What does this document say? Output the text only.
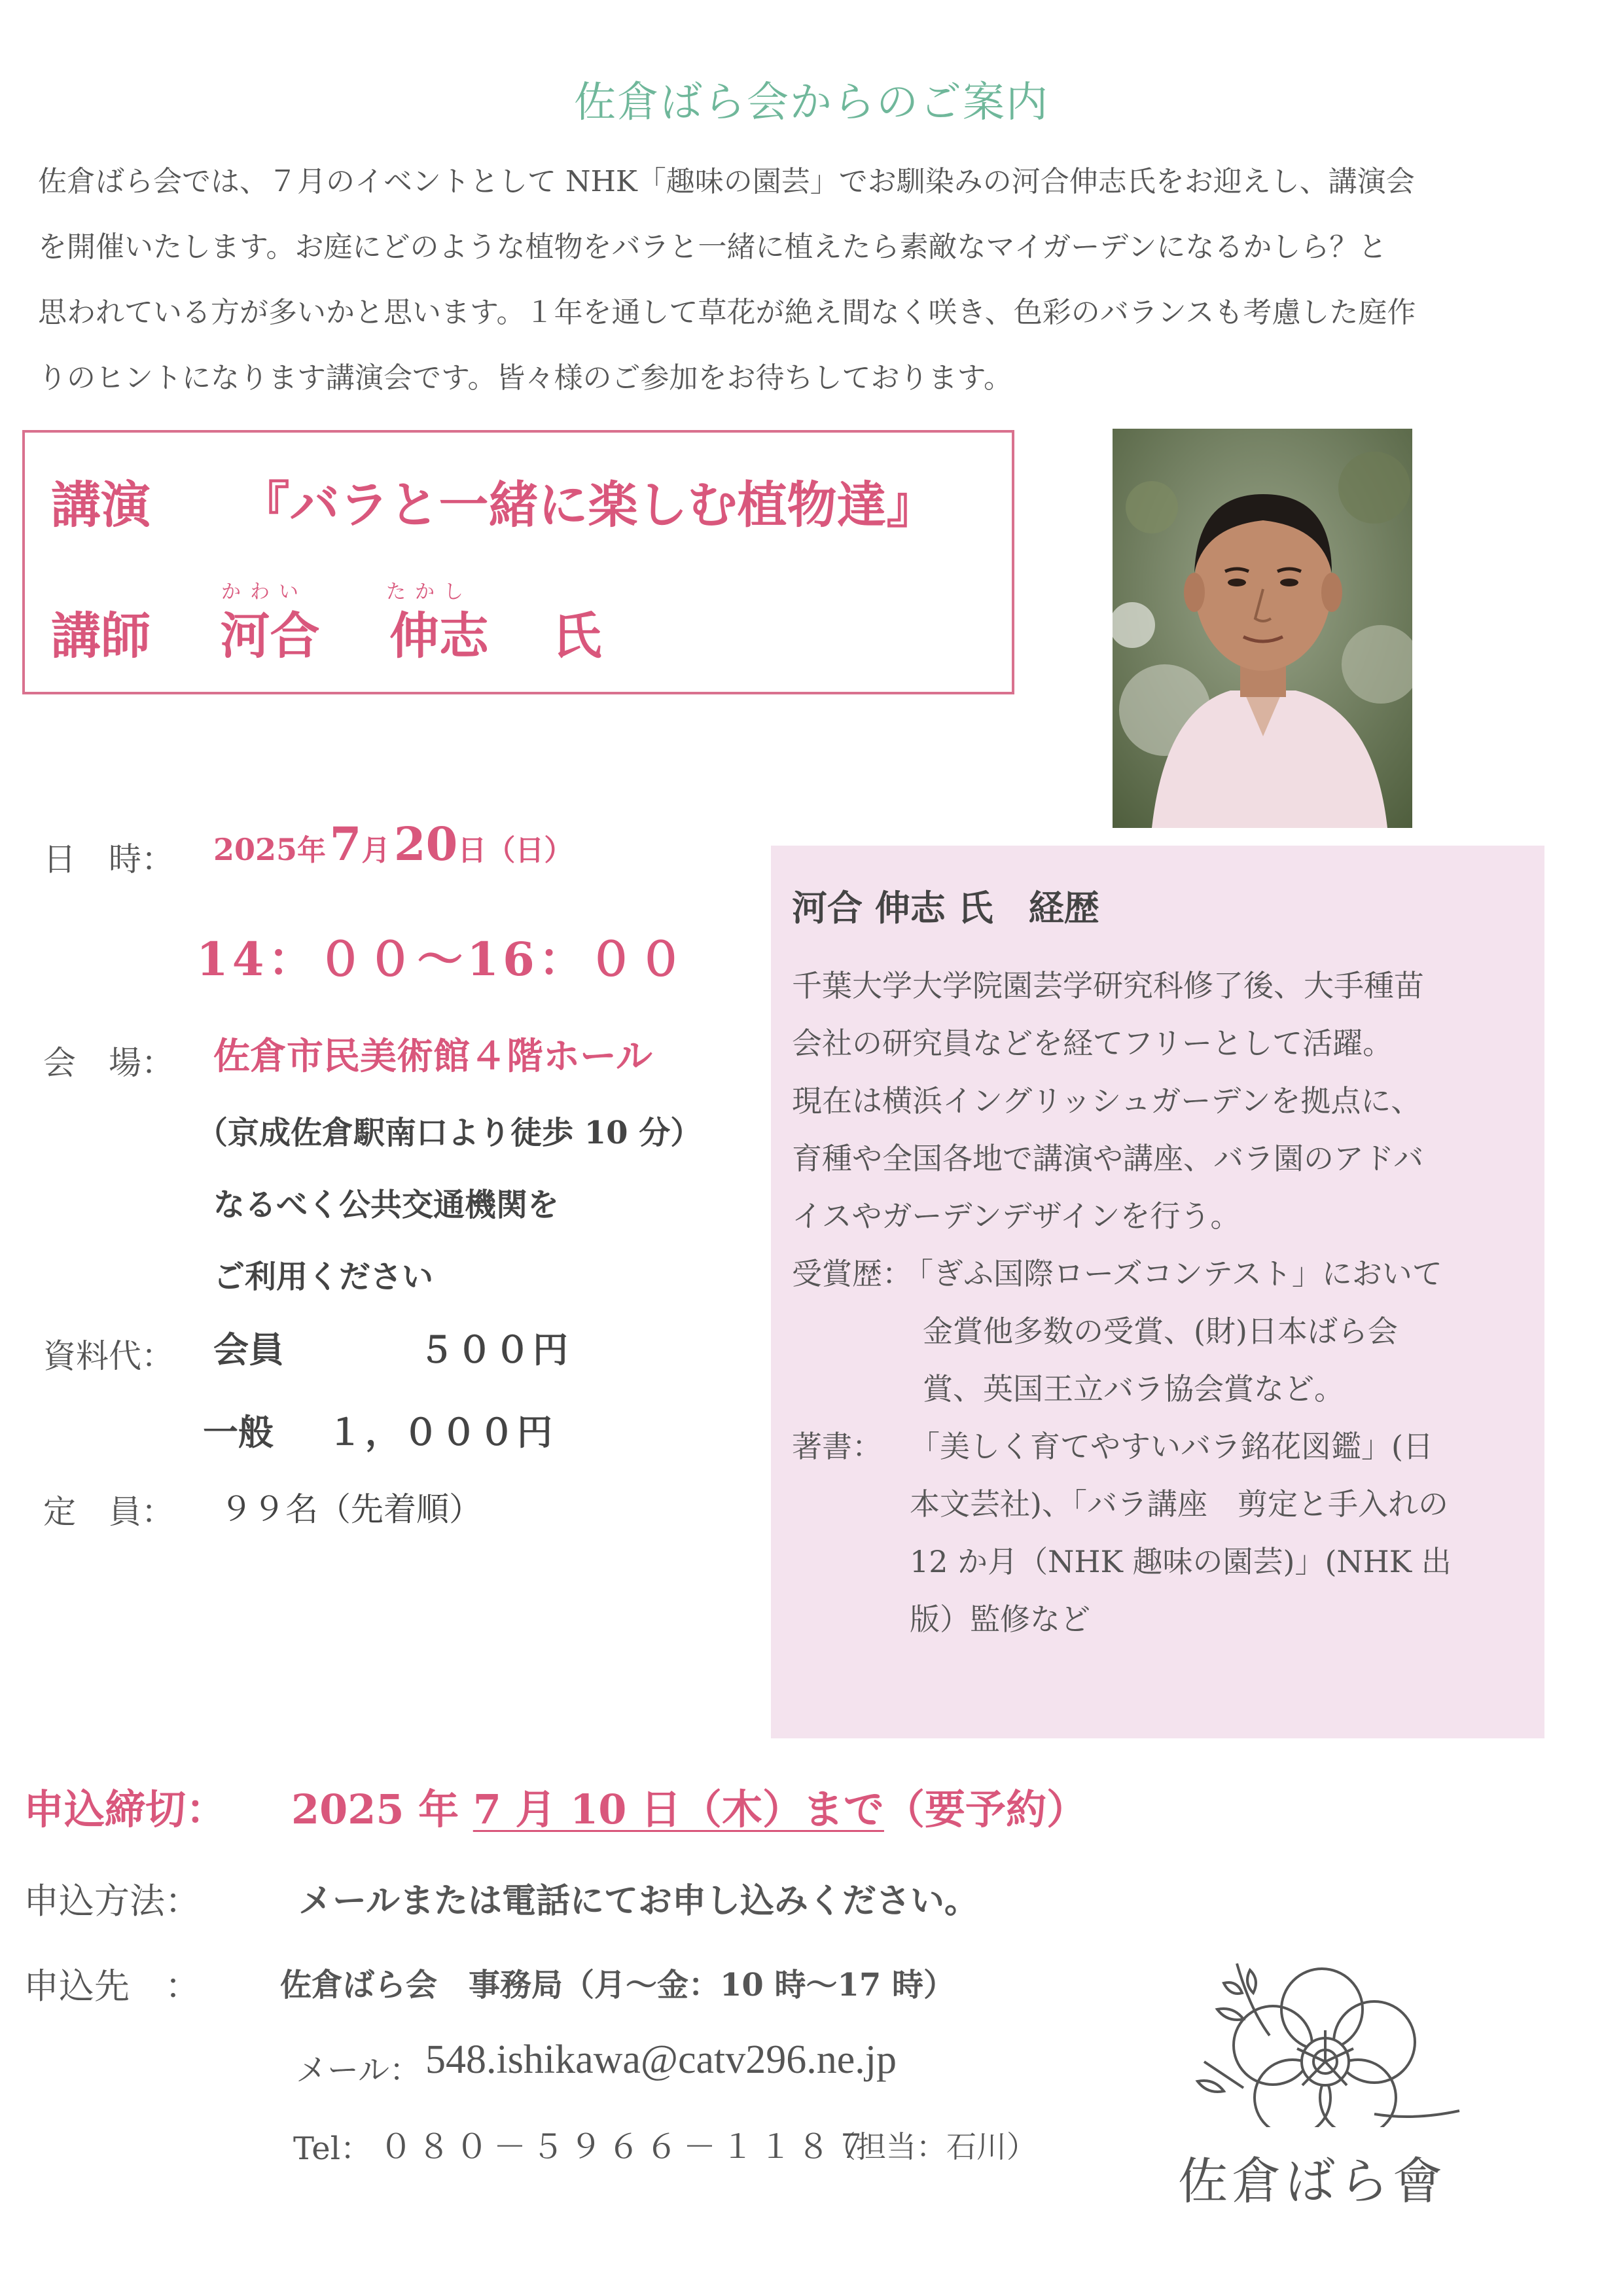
佐倉ばら会からのご案内

佐倉ばら会では、７月のイベントとして NHK「趣味の園芸」でお馴染みの河合伸志氏をお迎えし、講演会

を開催いたします。お庭にどのような植物をバラと一緒に植えたら素敵なマイガーデンになるかしら？と

思われている方が多いかと思います。１年を通して草花が絶え間なく咲き、色彩のバランスも考慮した庭作

りのヒントになります講演会です。皆々様のご参加をお待ちしております。

講演 『バラと一緒に楽しむ植物達』
かわい	たかし
講師 河合 伸志 氏
日　時： 2025年 7月 20日（日）
14：００～16：００
会　場： 佐倉市民美術館４階ホール
（京成佐倉駅南口より徒歩 10 分）
なるべく公共交通機関を
ご利用ください
資料代： 会員	５００円
一般 １，０００円
定　員： ９９名（先着順）
河合 伸志 氏　経歴

千葉大学大学院園芸学研究科修了後、大手種苗

会社の研究員などを経てフリーとして活躍。

現在は横浜イングリッシュガーデンを拠点に、

育種や全国各地で講演や講座、バラ園のアドバ

イスやガーデンデザインを行う。

受賞歴：

「ぎふ国際ローズコンテスト」において

金賞他多数の受賞、(財)日本ばら会

賞、英国王立バラ協会賞など。

著書： 「美しく育てやすいバラ銘花図鑑」(日

本文芸社)、「バラ講座　剪定と手入れの

12 か月（NHK 趣味の園芸)」(NHK 出

版）監修など

申込締切： 2025 年 7 月 10 日（木）まで（要予約）
申込方法：	メールまたは電話にてお申し込みください。
申込先　：	佐倉ばら会　事務局（月～金：10 時～17 時）
メール： 548.ishikawa@catv296.ne.jp
Tel： ０８０－５９６６－１１８７
（担当：石川）
佐倉ばら會
